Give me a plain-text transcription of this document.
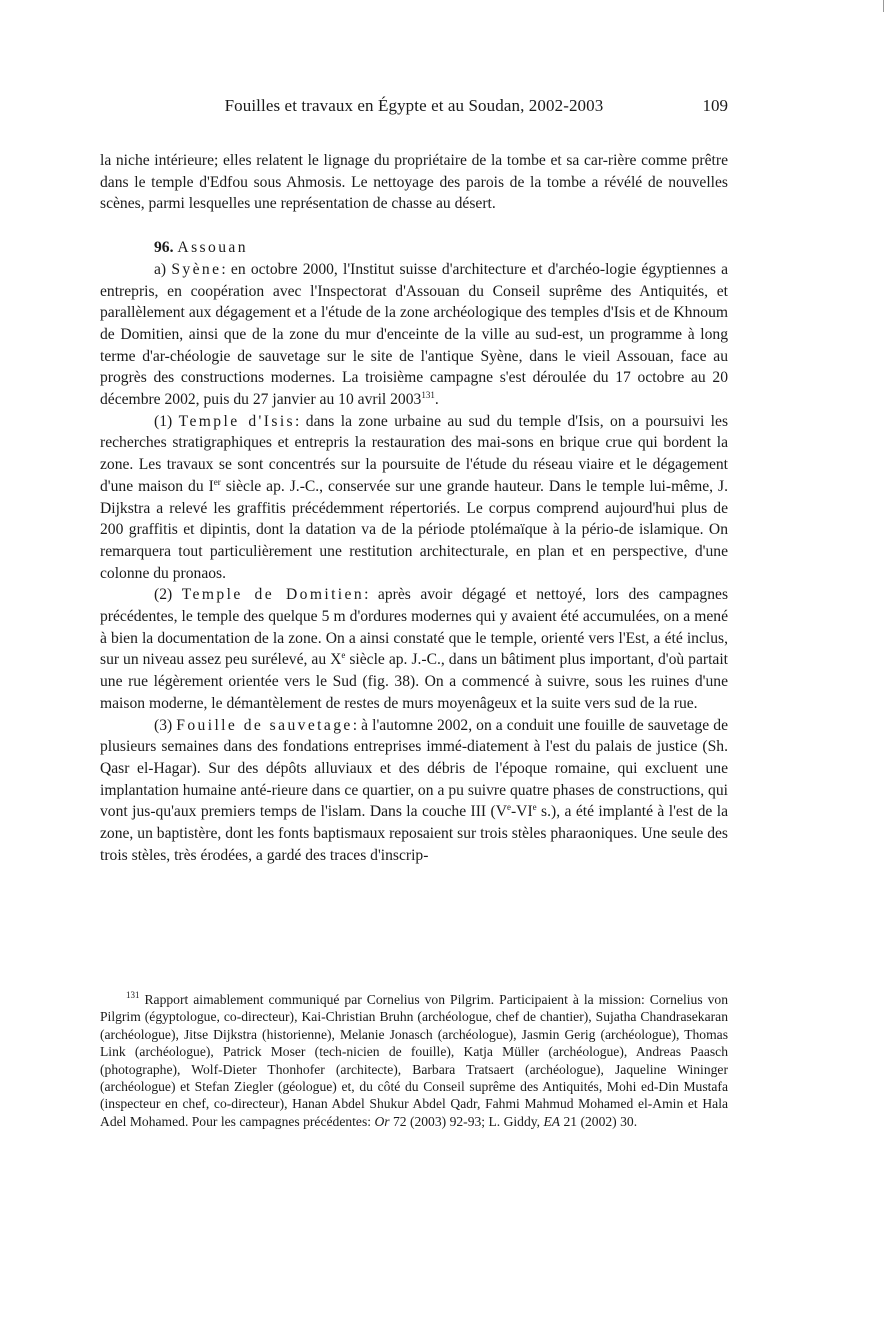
Fouilles et travaux en Égypte et au Soudan, 2002-2003	109

la niche intérieure; elles relatent le lignage du propriétaire de la tombe et sa car-rière comme prêtre dans le temple d'Edfou sous Ahmosis. Le nettoyage des parois de la tombe a révélé de nouvelles scènes, parmi lesquelles une représentation de chasse au désert.

96. Assouan

a) Syène: en octobre 2000, l'Institut suisse d'architecture et d'archéo-logie égyptiennes a entrepris, en coopération avec l'Inspectorat d'Assouan du Conseil suprême des Antiquités, et parallèlement aux dégagement et a l'étude de la zone archéologique des temples d'Isis et de Khnoum de Domitien, ainsi que de la zone du mur d'enceinte de la ville au sud-est, un programme à long terme d'ar-chéologie de sauvetage sur le site de l'antique Syène, dans le vieil Assouan, face au progrès des constructions modernes. La troisième campagne s'est déroulée du 17 octobre au 20 décembre 2002, puis du 27 janvier au 10 avril 2003$^{131}$.

(1) Temple d'Isis: dans la zone urbaine au sud du temple d'Isis, on a poursuivi les recherches stratigraphiques et entrepris la restauration des mai-sons en brique crue qui bordent la zone. Les travaux se sont concentrés sur la poursuite de l'étude du réseau viaire et le dégagement d'une maison du Ier siècle ap. J.-C., conservée sur une grande hauteur. Dans le temple lui-même, J. Dijkstra a relevé les graffitis précédemment répertoriés. Le corpus comprend aujourd'hui plus de 200 graffitis et dipintis, dont la datation va de la période ptolémaïque à la pério-de islamique. On remarquera tout particulièrement une restitution architecturale, en plan et en perspective, d'une colonne du pronaos.

(2) Temple de Domitien: après avoir dégagé et nettoyé, lors des campagnes précédentes, le temple des quelque 5 m d'ordures modernes qui y avaient été accumulées, on a mené à bien la documentation de la zone. On a ainsi constaté que le temple, orienté vers l'Est, a été inclus, sur un niveau assez peu surélevé, au Xe siècle ap. J.-C., dans un bâtiment plus important, d'où partait une rue légèrement orientée vers le Sud (fig. 38). On a commencé à suivre, sous les ruines d'une maison moderne, le démantèlement de restes de murs moyenâgeux et la suite vers sud de la rue.

(3) Fouille de sauvetage: à l'automne 2002, on a conduit une fouille de sauvetage de plusieurs semaines dans des fondations entreprises immé-diatement à l'est du palais de justice (Sh. Qasr el-Hagar). Sur des dépôts alluviaux et des débris de l'époque romaine, qui excluent une implantation humaine anté-rieure dans ce quartier, on a pu suivre quatre phases de constructions, qui vont jus-qu'aux premiers temps de l'islam. Dans la couche III (Ve-VIe s.), a été implanté à l'est de la zone, un baptistère, dont les fonts baptismaux reposaient sur trois stèles pharaoniques. Une seule des trois stèles, très érodées, a gardé des traces d'inscrip-

$^{131}$ Rapport aimablement communiqué par Cornelius von Pilgrim. Participaient à la mission: Cornelius von Pilgrim (égyptologue, co-directeur), Kai-Christian Bruhn (archéologue, chef de chantier), Sujatha Chandrasekaran (archéologue), Jitse Dijkstra (historienne), Melanie Jonasch (archéologue), Jasmin Gerig (archéologue), Thomas Link (archéologue), Patrick Moser (tech-nicien de fouille), Katja Müller (archéologue), Andreas Paasch (photographe), Wolf-Dieter Thonhofer (architecte), Barbara Tratsaert (archéologue), Jaqueline Wininger (archéologue) et Stefan Ziegler (géologue) et, du côté du Conseil suprême des Antiquités, Mohi ed-Din Mustafa (inspecteur en chef, co-directeur), Hanan Abdel Shukur Abdel Qadr, Fahmi Mahmud Mohamed el-Amin et Hala Adel Mohamed. Pour les campagnes précédentes: Or 72 (2003) 92-93; L. Giddy, EA 21 (2002) 30.
